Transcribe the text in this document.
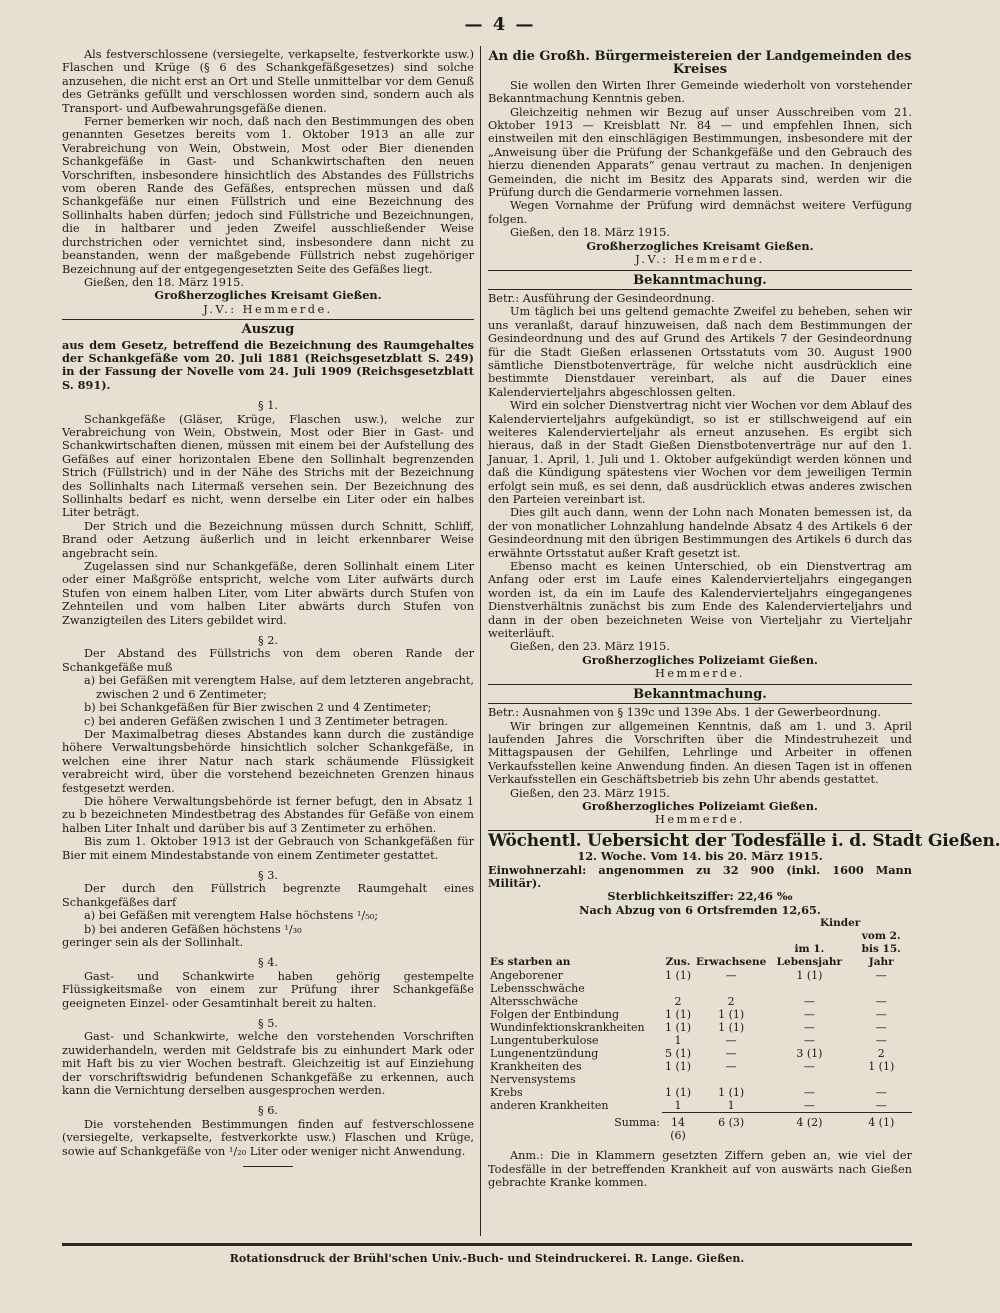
— 4 —

Als festverschlossene (versiegelte, verkapselte, festverkorkte usw.) Flaschen und Krüge (§ 6 des Schankgefäßgesetzes) sind solche anzusehen, die nicht erst an Ort und Stelle unmittelbar vor dem Genuß des Getränks gefüllt und verschlossen worden sind, sondern auch als Transport- und Aufbewahrungsgefäße dienen.

Ferner bemerken wir noch, daß nach den Bestimmungen des oben genannten Gesetzes bereits vom 1. Oktober 1913 an alle zur Verabreichung von Wein, Obstwein, Most oder Bier dienenden Schankgefäße in Gast- und Schankwirtschaften den neuen Vorschriften, insbesondere hinsichtlich des Abstandes des Füllstrichs vom oberen Rande des Gefäßes, entsprechen müssen und daß Schankgefäße nur einen Füllstrich und eine Bezeichnung des Sollinhalts haben dürfen; jedoch sind Füllstriche und Bezeichnungen, die in haltbarer und jeden Zweifel ausschließender Weise durchstrichen oder vernichtet sind, insbesondere dann nicht zu beanstanden, wenn der maßgebende Füllstrich nebst zugehöriger Bezeichnung auf der entgegengesetzten Seite des Gefäßes liegt.

Gießen, den 18. März 1915.

Großherzogliches Kreisamt Gießen.

J.V.: Hemmerde.

Auszug

aus dem Gesetz, betreffend die Bezeichnung des Raumgehaltes der Schankgefäße vom 20. Juli 1881 (Reichsgesetzblatt S. 249) in der Fassung der Novelle vom 24. Juli 1909 (Reichsgesetzblatt S. 891).

§ 1.

Schankgefäße (Gläser, Krüge, Flaschen usw.), welche zur Verabreichung von Wein, Obstwein, Most oder Bier in Gast- und Schankwirtschaften dienen, müssen mit einem bei der Aufstellung des Gefäßes auf einer horizontalen Ebene den Sollinhalt begrenzenden Strich (Füllstrich) und in der Nähe des Strichs mit der Bezeichnung des Sollinhalts nach Litermaß versehen sein. Der Bezeichnung des Sollinhalts bedarf es nicht, wenn derselbe ein Liter oder ein halbes Liter beträgt.

Der Strich und die Bezeichnung müssen durch Schnitt, Schliff, Brand oder Aetzung äußerlich und in leicht erkennbarer Weise angebracht sein.

Zugelassen sind nur Schankgefäße, deren Sollinhalt einem Liter oder einer Maßgröße entspricht, welche vom Liter aufwärts durch Stufen von einem halben Liter, vom Liter abwärts durch Stufen von Zehnteilen und vom halben Liter abwärts durch Stufen von Zwanzigteilen des Liters gebildet wird.

§ 2.

Der Abstand des Füllstrichs von dem oberen Rande der Schankgefäße muß

a) bei Gefäßen mit verengtem Halse, auf dem letzteren angebracht, zwischen 2 und 6 Zentimeter;

b) bei Schankgefäßen für Bier zwischen 2 und 4 Zentimeter;

c) bei anderen Gefäßen zwischen 1 und 3 Zentimeter betragen.

Der Maximalbetrag dieses Abstandes kann durch die zuständige höhere Verwaltungsbehörde hinsichtlich solcher Schankgefäße, in welchen eine ihrer Natur nach stark schäumende Flüssigkeit verabreicht wird, über die vorstehend bezeichneten Grenzen hinaus festgesetzt werden.

Die höhere Verwaltungsbehörde ist ferner befugt, den in Absatz 1 zu b bezeichneten Mindestbetrag des Abstandes für Gefäße von einem halben Liter Inhalt und darüber bis auf 3 Zentimeter zu erhöhen.

Bis zum 1. Oktober 1913 ist der Gebrauch von Schankgefäßen für Bier mit einem Mindestabstande von einem Zentimeter gestattet.

§ 3.

Der durch den Füllstrich begrenzte Raumgehalt eines Schankgefäßes darf

a) bei Gefäßen mit verengtem Halse höchstens ¹/₅₀;

b) bei anderen Gefäßen höchstens ¹/₃₀

geringer sein als der Sollinhalt.

§ 4.

Gast- und Schankwirte haben gehörig gestempelte Flüssigkeitsmaße von einem zur Prüfung ihrer Schankgefäße geeigneten Einzel- oder Gesamtinhalt bereit zu halten.

§ 5.

Gast- und Schankwirte, welche den vorstehenden Vorschriften zuwiderhandeln, werden mit Geldstrafe bis zu einhundert Mark oder mit Haft bis zu vier Wochen bestraft. Gleichzeitig ist auf Einziehung der vorschriftswidrig befundenen Schankgefäße zu erkennen, auch kann die Vernichtung derselben ausgesprochen werden.

§ 6.

Die vorstehenden Bestimmungen finden auf festverschlossene (versiegelte, verkapselte, festverkorkte usw.) Flaschen und Krüge, sowie auf Schankgefäße von ¹/₂₀ Liter oder weniger nicht Anwendung.

An die Großh. Bürgermeistereien der Landgemeinden des Kreises

Sie wollen den Wirten Ihrer Gemeinde wiederholt von vorstehender Bekanntmachung Kenntnis geben.

Gleichzeitig nehmen wir Bezug auf unser Ausschreiben vom 21. Oktober 1913 — Kreisblatt Nr. 84 — und empfehlen Ihnen, sich einstweilen mit den einschlägigen Bestimmungen, insbesondere mit der „Anweisung über die Prüfung der Schankgefäße und den Gebrauch des hierzu dienenden Apparats“ genau vertraut zu machen. In denjenigen Gemeinden, die nicht im Besitz des Apparats sind, werden wir die Prüfung durch die Gendarmerie vornehmen lassen.

Wegen Vornahme der Prüfung wird demnächst weitere Verfügung folgen.

Gießen, den 18. März 1915.

Großherzogliches Kreisamt Gießen.

J.V.: Hemmerde.

Bekanntmachung.

Betr.: Ausführung der Gesindeordnung.

Um täglich bei uns geltend gemachte Zweifel zu beheben, sehen wir uns veranlaßt, darauf hinzuweisen, daß nach dem Bestimmungen der Gesindeordnung und des auf Grund des Artikels 7 der Gesindeordnung für die Stadt Gießen erlassenen Ortsstatuts vom 30. August 1900 sämtliche Dienstbotenverträge, für welche nicht ausdrücklich eine bestimmte Dienstdauer vereinbart, als auf die Dauer eines Kalendervierteljahrs abgeschlossen gelten.

Wird ein solcher Dienstvertrag nicht vier Wochen vor dem Ablauf des Kalendervierteljahrs aufgekündigt, so ist er stillschweigend auf ein weiteres Kalendervierteljahr als erneut anzusehen. Es ergibt sich hieraus, daß in der Stadt Gießen Dienstbotenverträge nur auf den 1. Januar, 1. April, 1. Juli und 1. Oktober aufgekündigt werden können und daß die Kündigung spätestens vier Wochen vor dem jeweiligen Termin erfolgt sein muß, es sei denn, daß ausdrücklich etwas anderes zwischen den Parteien vereinbart ist.

Dies gilt auch dann, wenn der Lohn nach Monaten bemessen ist, da der von monatlicher Lohnzahlung handelnde Absatz 4 des Artikels 6 der Gesindeordnung mit den übrigen Bestimmungen des Artikels 6 durch das erwähnte Ortsstatut außer Kraft gesetzt ist.

Ebenso macht es keinen Unterschied, ob ein Dienstvertrag am Anfang oder erst im Laufe eines Kalendervierteljahrs eingegangen worden ist, da ein im Laufe des Kalendervierteljahrs eingegangenes Dienstverhältnis zunächst bis zum Ende des Kalendervierteljahrs und dann in der oben bezeichneten Weise von Vierteljahr zu Vierteljahr weiterläuft.

Gießen, den 23. März 1915.

Großherzogliches Polizeiamt Gießen.

Hemmerde.

Bekanntmachung.

Betr.: Ausnahmen von § 139c und 139e Abs. 1 der Gewerbeordnung.

Wir bringen zur allgemeinen Kenntnis, daß am 1. und 3. April laufenden Jahres die Vorschriften über die Mindestruhezeit und Mittagspausen der Gehilfen, Lehrlinge und Arbeiter in offenen Verkaufsstellen keine Anwendung finden. An diesen Tagen ist in offenen Verkaufsstellen ein Geschäftsbetrieb bis zehn Uhr abends gestattet.

Gießen, den 23. März 1915.

Großherzogliches Polizeiamt Gießen.

Hemmerde.

Wöchentl. Uebersicht der Todesfälle i. d. Stadt Gießen.

12. Woche. Vom 14. bis 20. März 1915.

Einwohnerzahl: angenommen zu 32 900 (inkl. 1600 Mann Militär).

Sterblichkeitsziffer: 22,46 ‰

Nach Abzug von 6 Ortsfremden 12,65.

Es starben an	Zus.	Erwachsene	Kinder	
			im 1. Lebensjahr	vom 2. bis 15. Jahr
Angeborener Lebensschwäche	1 (1)	—	1 (1)	—
Altersschwäche	2	2	—	—
Folgen der Entbindung	1 (1)	1 (1)	—	—
Wundinfektionskrankheiten	1 (1)	1 (1)	—	—
Lungentuberkulose	1	—	—	—
Lungenentzündung	5 (1)	—	3 (1)	2
Krankheiten des Nervensystems	1 (1)	—	—	1 (1)
Krebs	1 (1)	1 (1)	—	—
anderen Krankheiten	1	1	—	—
Summa:	14 (6)	6 (3)	4 (2)	4 (1)

Anm.: Die in Klammern gesetzten Ziffern geben an, wie viel der Todesfälle in der betreffenden Krankheit auf von auswärts nach Gießen gebrachte Kranke kommen.

Rotationsdruck der Brühl'schen Univ.-Buch- und Steindruckerei. R. Lange. Gießen.
